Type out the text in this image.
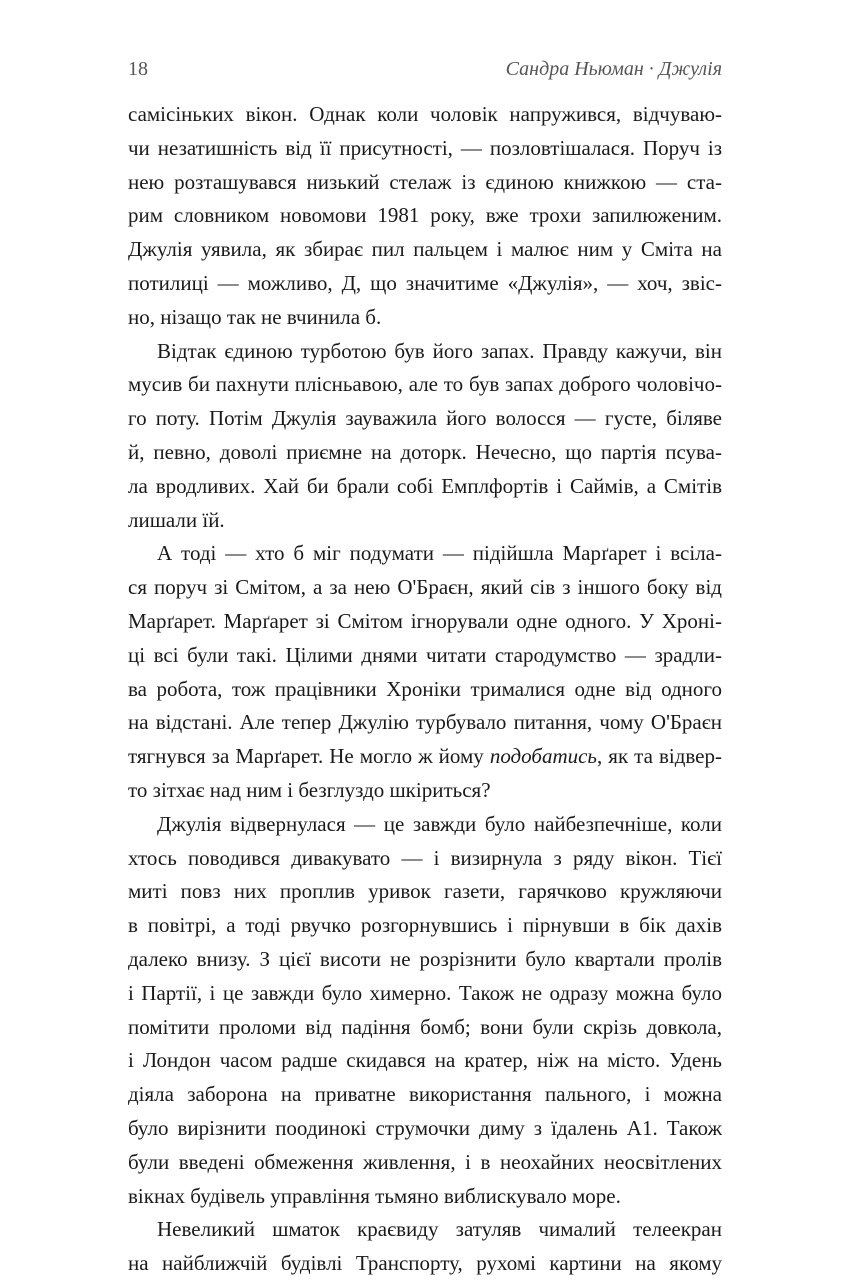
18	Сандра Ньюман · Джулія
самісіньких вікон. Однак коли чоловік напружився, відчуваю-
чи незатишність від її присутності, — позловтішалася. Поруч із
нею розташувався низький стелаж із єдиною книжкою — ста-
рим словником новомови 1981 року, вже трохи запилюженим.
Джулія уявила, як збирає пил пальцем і малює ним у Сміта на
потилиці — можливо, Д, що значитиме «Джулія», — хоч, звіс-
но, нізащо так не вчинила б.
Відтак єдиною турботою був його запах. Правду кажучи, він
мусив би пахнути плісньавою, але то був запах доброго чоловічо-
го поту. Потім Джулія зауважила його волосся — густе, біляве
й, певно, доволі приємне на доторк. Нечесно, що партія псува-
ла вродливих. Хай би брали собі Емплфортів і Саймів, а Смітів
лишали їй.
А тоді — хто б міг подумати — підійшла Марґарет і всіла-
ся поруч зі Смітом, а за нею О'Браєн, який сів з іншого боку від
Марґарет. Марґарет зі Смітом ігнорували одне одного. У Хроні-
ці всі були такі. Цілими днями читати стародумство — зрадли-
ва робота, тож працівники Хроніки трималися одне від одного
на відстані. Але тепер Джулію турбувало питання, чому О'Браєн
тягнувся за Марґарет. Не могло ж йому подобатись, як та відвер-
то зітхає над ним і безглуздо шкіриться?
Джулія відвернулася — це завжди було найбезпечніше, коли
хтось поводився дивакувато — і визирнула з ряду вікон. Тієї
миті повз них проплив уривок газети, гарячково кружляючи
в повітрі, а тоді рвучко розгорнувшись і пірнувши в бік дахів
далеко внизу. З цієї висоти не розрізнити було квартали пролів
і Партії, і це завжди було химерно. Також не одразу можна було
помітити проломи від падіння бомб; вони були скрізь довкола,
і Лондон часом радше скидався на кратер, ніж на місто. Удень
діяла заборона на приватне використання пального, і можна
було вирізнити поодинокі струмочки диму з їдалень А1. Також
були введені обмеження живлення, і в неохайних неосвітлених
вікнах будівель управління тьмяно виблискувало море.
Невеликий шматок краєвиду затуляв чималий телеекран
на найближчій будівлі Транспорту, рухомі картини на якому
